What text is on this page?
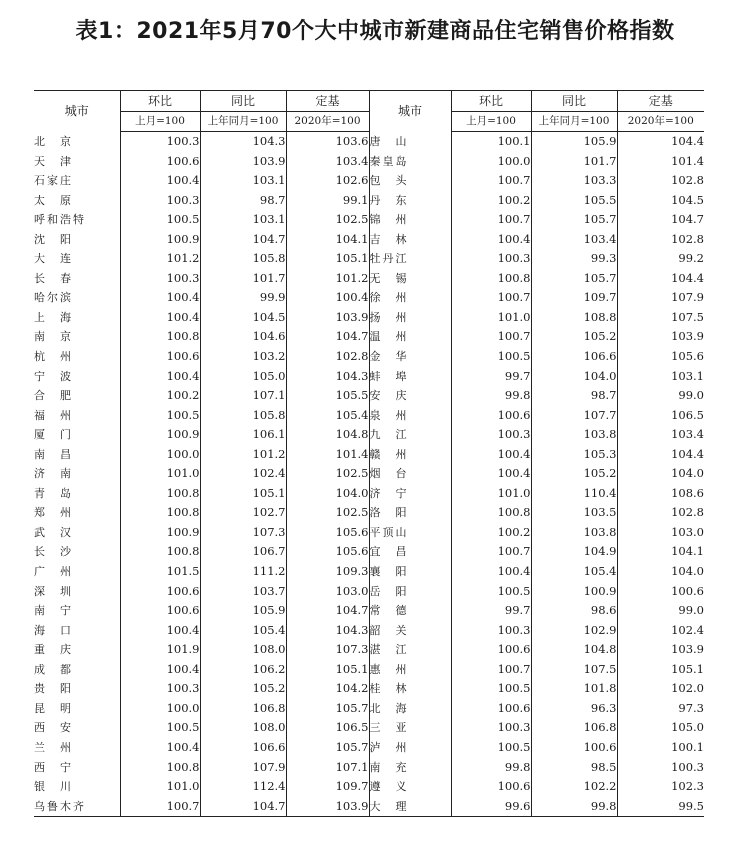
表1：2021年5月70个大中城市新建商品住宅销售价格指数
城市	环比	同比	定基	城市	环比	同比	定基
	上月=100	上年同月=100	2020年=100		上月=100	上年同月=100	2020年=100
北　京	100.3	104.3	103.6	唐　山	100.1	105.9	104.4
天　津	100.6	103.9	103.4	秦皇岛	100.0	101.7	101.4
石家庄	100.4	103.1	102.6	包　头	100.7	103.3	102.8
太　原	100.3	98.7	99.1	丹　东	100.2	105.5	104.5
呼和浩特	100.5	103.1	102.5	锦　州	100.7	105.7	104.7
沈　阳	100.9	104.7	104.1	吉　林	100.4	103.4	102.8
大　连	101.2	105.8	105.1	牡丹江	100.3	99.3	99.2
长　春	100.3	101.7	101.2	无　锡	100.8	105.7	104.4
哈尔滨	100.4	99.9	100.4	徐　州	100.7	109.7	107.9
上　海	100.4	104.5	103.9	扬　州	101.0	108.8	107.5
南　京	100.8	104.6	104.7	温　州	100.7	105.2	103.9
杭　州	100.6	103.2	102.8	金　华	100.5	106.6	105.6
宁　波	100.4	105.0	104.3	蚌　埠	99.7	104.0	103.1
合　肥	100.2	107.1	105.5	安　庆	99.8	98.7	99.0
福　州	100.5	105.8	105.4	泉　州	100.6	107.7	106.5
厦　门	100.9	106.1	104.8	九　江	100.3	103.8	103.4
南　昌	100.0	101.2	101.4	赣　州	100.4	105.3	104.4
济　南	101.0	102.4	102.5	烟　台	100.4	105.2	104.0
青　岛	100.8	105.1	104.0	济　宁	101.0	110.4	108.6
郑　州	100.8	102.7	102.5	洛　阳	100.8	103.5	102.8
武　汉	100.9	107.3	105.6	平顶山	100.2	103.8	103.0
长　沙	100.8	106.7	105.6	宜　昌	100.7	104.9	104.1
广　州	101.5	111.2	109.3	襄　阳	100.4	105.4	104.0
深　圳	100.6	103.7	103.0	岳　阳	100.5	100.9	100.6
南　宁	100.6	105.9	104.7	常　德	99.7	98.6	99.0
海　口	100.4	105.4	104.3	韶　关	100.3	102.9	102.4
重　庆	101.9	108.0	107.3	湛　江	100.6	104.8	103.9
成　都	100.4	106.2	105.1	惠　州	100.7	107.5	105.1
贵　阳	100.3	105.2	104.2	桂　林	100.5	101.8	102.0
昆　明	100.0	106.8	105.7	北　海	100.6	96.3	97.3
西　安	100.5	108.0	106.5	三　亚	100.3	106.8	105.0
兰　州	100.4	106.6	105.7	泸　州	100.5	100.6	100.1
西　宁	100.8	107.9	107.1	南　充	99.8	98.5	100.3
银　川	101.0	112.4	109.7	遵　义	100.6	102.2	102.3
乌鲁木齐	100.7	104.7	103.9	大　理	99.6	99.8	99.5
